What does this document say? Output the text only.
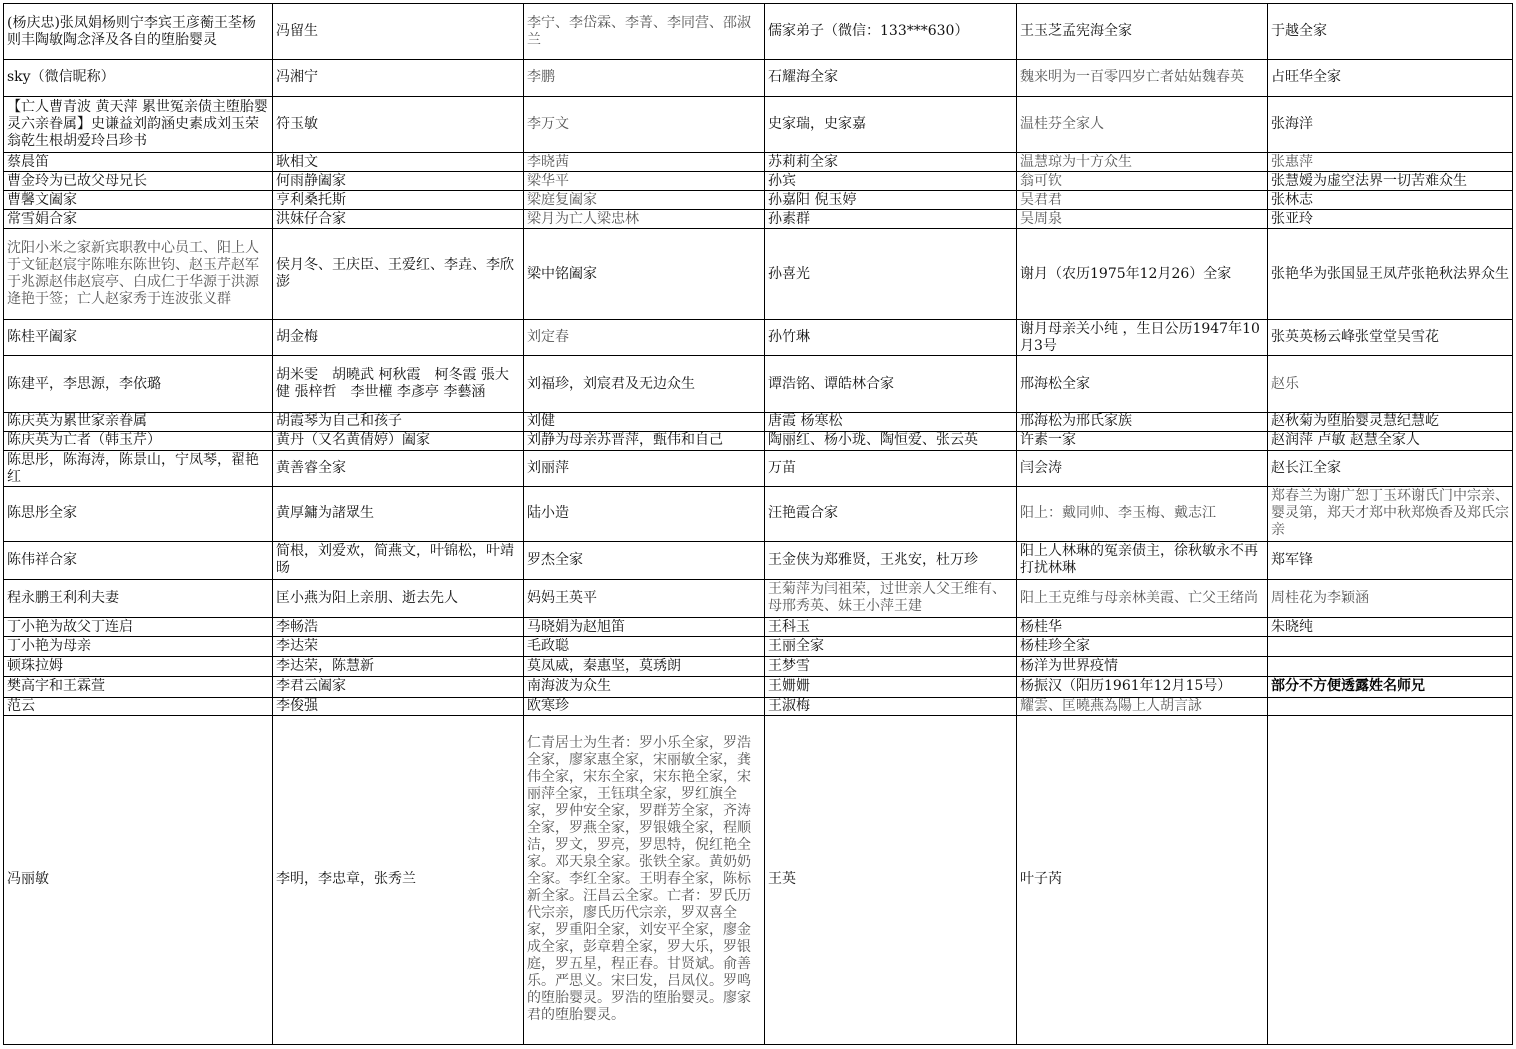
(杨庆忠)张凤娟杨则宁李宾王彦蘅王荃杨则丰陶敏陶念泽及各自的堕胎婴灵	冯留生	李宁、李岱霖、李菁、李同营、邵淑兰	儒家弟子（微信：133***630）	王玉芝孟宪海全家	于越全家
sky（微信昵称）	冯湘宁	李鹏	石耀海全家	魏来明为一百零四岁亡者姑姑魏春英	占旺华全家
【亡人曹青波 黄天萍 累世冤亲债主堕胎婴灵六亲眷属】史谦益刘韵涵史素成刘玉荣翁乾生根胡爱玲吕珍书	符玉敏	李万文	史家瑞，史家嘉	温桂芬全家人	张海洋
蔡晨笛	耿相文	李晓茜	苏莉莉全家	温慧琼为十方众生	张惠萍
曹金玲为已故父母兄长	何雨静阖家	梁华平	孙宾	翁可钦	张慧嫒为虚空法界一切苦难众生
曹馨文阖家	亨利桑托斯	梁庭复阖家	孙嘉阳 倪玉婷	吴君君	张林志
常雪娟合家	洪妹仔合家	梁月为亡人梁忠林	孙素群	吴周泉	张亚玲
沈阳小米之家新宾职教中心员工、阳上人于文钲赵宸宇陈唯东陈世钧、赵玉芹赵军于兆源赵伟赵宸亭、白成仁于华源于洪源逄艳于签；亡人赵家秀于连波张义群	侯月冬、王庆臣、王爱红、李垚、李欣澎	梁中铭阖家	孙喜光	谢月（农历1975年12月26）全家	张艳华为张国显王凤芹张艳秋法界众生
陈桂平阖家	胡金梅	刘定春	孙竹琳	谢月母亲关小纯 ，生日公历1947年10月3号	张英英杨云峰张堂堂吴雪花
陈建平，李思源，李依璐	胡米雯　胡曉武 柯秋霞　柯冬霞 張大健 張梓哲　李世權 李彥亭 李藝涵	刘福珍，刘宸君及无边众生	谭浩铭、谭皓林合家	邢海松全家	赵乐
陈庆英为累世家亲眷属	胡霞琴为自己和孩子	刘健	唐霞 杨寒松	邢海松为邢氏家族	赵秋菊为堕胎婴灵慧纪慧屹
陈庆英为亡者（韩玉芹）	黄丹（又名黄倩婷）阖家	刘静为母亲苏晋萍，甄伟和自己	陶丽红、杨小珑、陶恒爱、张云英	许素一家	赵润萍 卢敏 赵慧全家人
陈思彤，陈海涛，陈景山，宁凤琴，翟艳红	黄善睿全家	刘丽萍	万苗	闫会涛	赵长江全家
陈思彤全家	黄厚鏞为諸眾生	陆小造	汪艳霞合家	阳上：戴同帅、李玉梅、戴志江	郑春兰为谢广恕丁玉环谢氏门中宗亲、婴灵第，郑天才郑中秋郑焕香及郑氏宗亲
陈伟祥合家	简根，刘爱欢，简燕文，叶锦松，叶靖旸	罗杰全家	王金侠为郑雅贤，王兆安，杜万珍	阳上人林琳的冤亲债主，徐秋敏永不再打扰林琳	郑军锋
程永鹏王利利夫妻	匡小燕为阳上亲朋、逝去先人	妈妈王英平	王菊萍为闫祖荣，过世亲人父王维有、母邢秀英、妹王小萍王建	阳上王克维与母亲林美霞、亡父王绪尚	周桂花为李颖涵
丁小艳为故父丁连启	李畅浩	马晓娟为赵旭笛	王科玉	杨桂华	朱晓纯
丁小艳为母亲	李达荣	毛政聪	王丽全家	杨桂珍全家	
顿珠拉姆	李达荣，陈慧新	莫凤威，秦惠坚，莫琇朗	王梦雪	杨洋为世界疫情	
樊高宇和王霖萱	李君云阖家	南海波为众生	王姗姗	杨振汉（阳历1961年12月15号）	部分不方便透露姓名师兄
范云	李俊强	欧寒珍	王淑梅	耀雲、匡曉燕為陽上人胡言詠	
冯丽敏	李明，李忠章，张秀兰	仁青居士为生者：罗小乐全家，罗浩全家，廖家惠全家，宋丽敏全家，龚伟全家，宋东全家，宋东艳全家，宋丽萍全家，王钰琪全家，罗红旗全家，罗仲安全家，罗群芳全家，齐涛全家，罗燕全家，罗银娥全家，程顺洁，罗文，罗亮，罗思特，倪红艳全家。邓天泉全家。张铁全家。黄奶奶全家。李红全家。王明春全家，陈标新全家。汪昌云全家。亡者：罗氏历代宗亲，廖氏历代宗亲，罗双喜全家，罗重阳全家，刘安平全家，廖金成全家，彭章碧全家，罗大乐，罗银庭，罗五星，程正春。甘贤斌。俞善乐。严思义。宋曰发，吕凤仪。罗鸣的堕胎婴灵。罗浩的堕胎婴灵。廖家君的堕胎婴灵。	王英	叶子芮	
